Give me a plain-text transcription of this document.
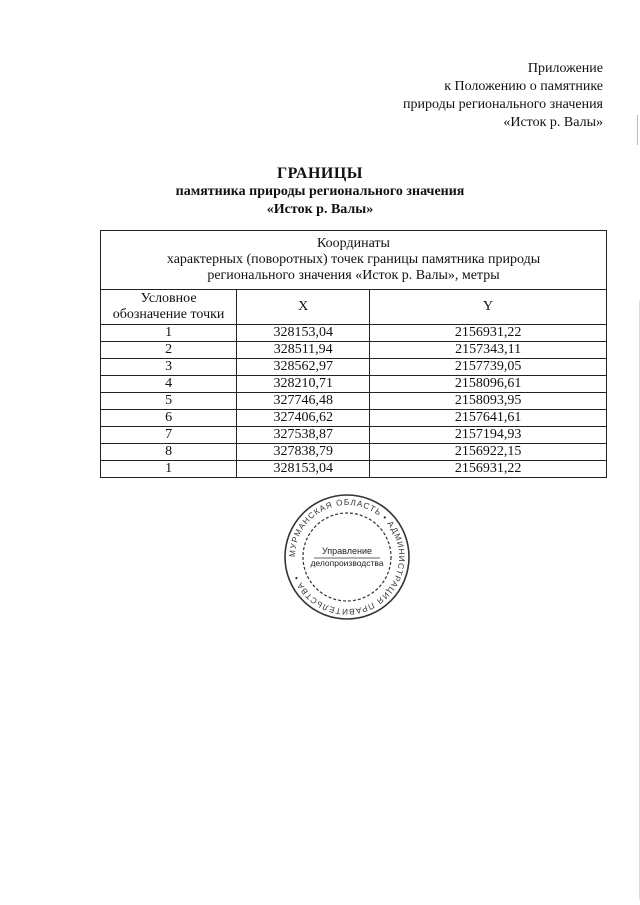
Приложение
к Положению о памятнике
природы регионального значения
«Исток р. Валы»
ГРАНИЦЫ
памятника природы регионального значения
«Исток р. Валы»
Координаты
характерных (поворотных) точек границы памятника природы
регионального значения «Исток р. Валы», метры		

Условное
обозначение точки	X	Y
1	328153,04	2156931,22
2	328511,94	2157343,11
3	328562,97	2157739,05
4	328210,71	2158096,61
5	327746,48	2158093,95
6	327406,62	2157641,61
7	327538,87	2157194,93
8	327838,79	2156922,15
1	328153,04	2156931,22
МУРМАНСКАЯ ОБЛАСТЬ • АДМИНИСТРАЦИЯ ПРАВИТЕЛЬСТВА •
Управление
делопроизводства
